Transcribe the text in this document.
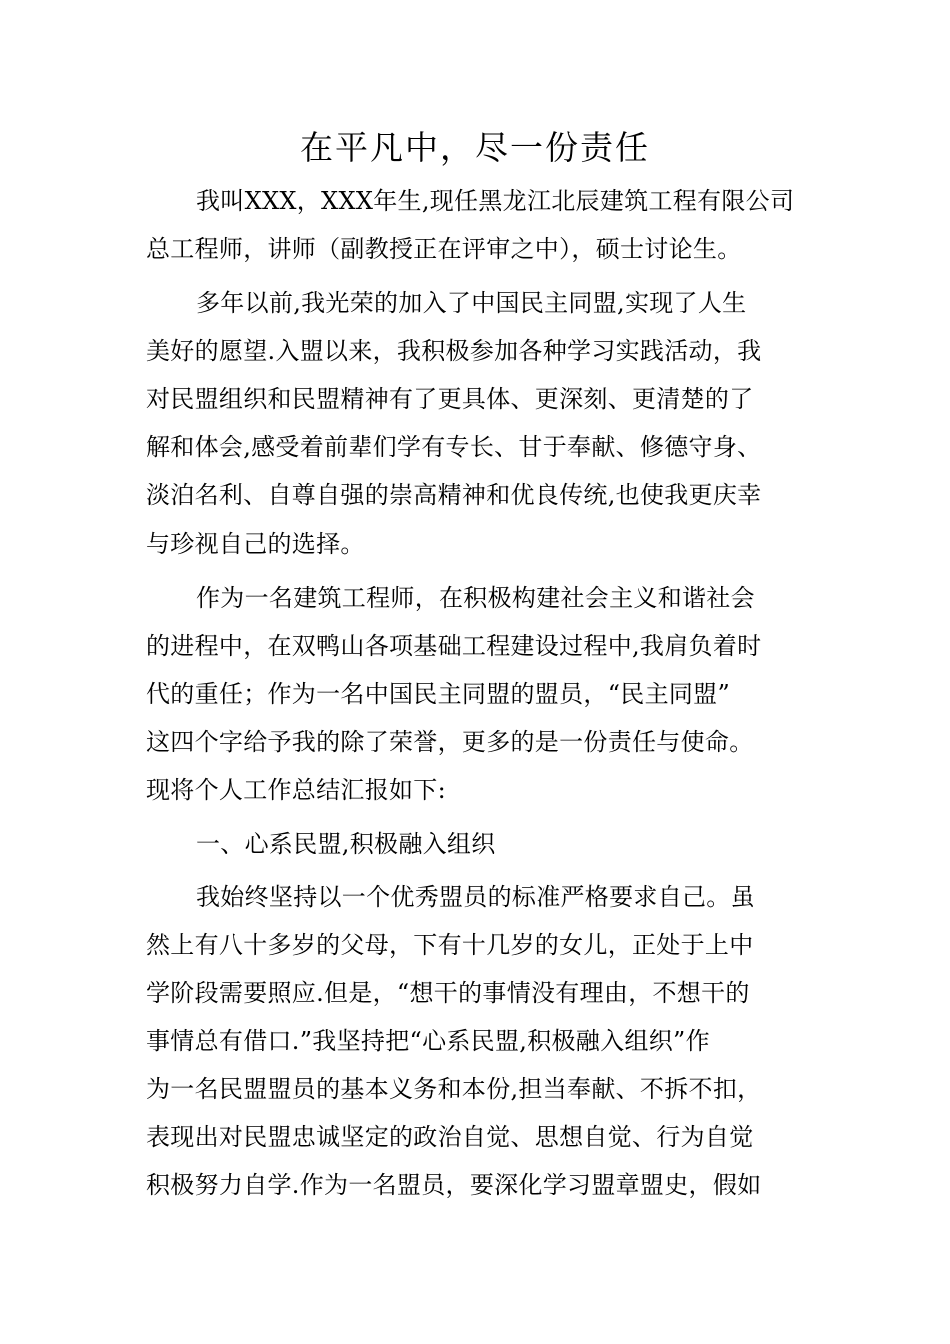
在平凡中，尽一份责任
我叫XXX，XXX年生,现任黑龙江北辰建筑工程有限公司
总工程师，讲师（副教授正在评审之中），硕士讨论生。
多年以前,我光荣的加入了中国民主同盟,实现了人生
美好的愿望.入盟以来，我积极参加各种学习实践活动，我
对民盟组织和民盟精神有了更具体、更深刻、更清楚的了
解和体会,感受着前辈们学有专长、甘于奉献、修德守身、
淡泊名利、自尊自强的崇高精神和优良传统,也使我更庆幸
与珍视自己的选择。
作为一名建筑工程师，在积极构建社会主义和谐社会
的进程中，在双鸭山各项基础工程建设过程中,我肩负着时
代的重任；作为一名中国民主同盟的盟员，“民主同盟”
这四个字给予我的除了荣誉，更多的是一份责任与使命。
现将个人工作总结汇报如下:
一、心系民盟,积极融入组织
我始终坚持以一个优秀盟员的标准严格要求自己。虽
然上有八十多岁的父母，下有十几岁的女儿，正处于上中
学阶段需要照应.但是，“想干的事情没有理由，不想干的
事情总有借口.”我坚持把“心系民盟,积极融入组织”作
为一名民盟盟员的基本义务和本份,担当奉献、不拆不扣，
表现出对民盟忠诚坚定的政治自觉、思想自觉、行为自觉
积极努力自学.作为一名盟员，要深化学习盟章盟史，假如
